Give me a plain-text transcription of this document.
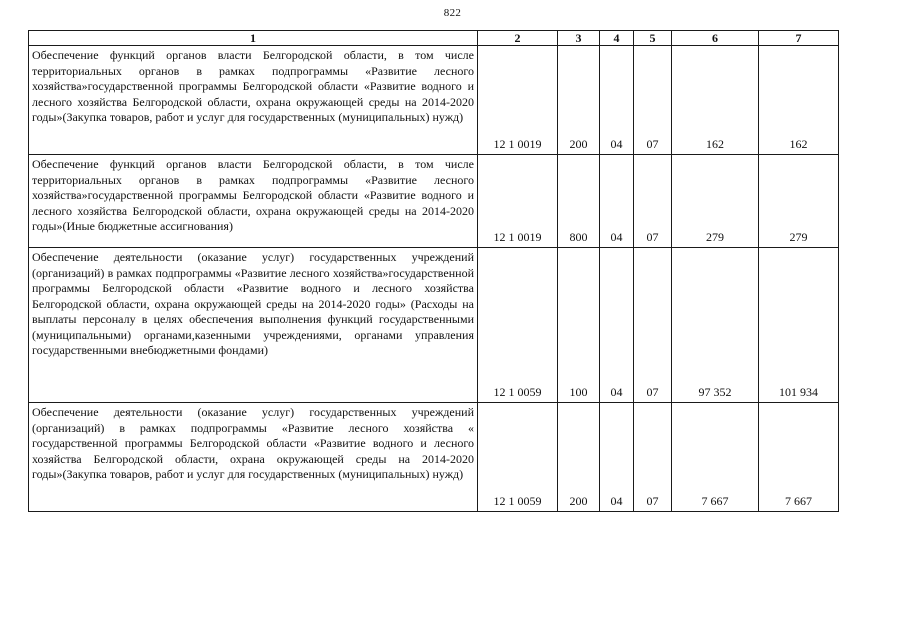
822
1	2	3	4	5	6	7
Обеспечение функций органов власти Белгородской области, в том числе территориальных органов в рамках подпрограммы «Развитие лесного хозяйства»государственной программы Белгородской области «Развитие водного и лесного хозяйства Белгородской области, охрана окружающей среды на 2014-2020 годы»(Закупка товаров, работ и услуг для государственных (муниципальных) нужд)	12 1 0019	200	04	07	162	162
Обеспечение функций органов власти Белгородской области, в том числе территориальных органов в рамках подпрограммы «Развитие лесного хозяйства»государственной программы Белгородской области «Развитие водного и лесного хозяйства Белгородской области, охрана окружающей среды на 2014-2020 годы»(Иные бюджетные ассигнования)	12 1 0019	800	04	07	279	279
Обеспечение деятельности (оказание услуг) государственных учреждений (организаций) в рамках подпрограммы «Развитие лесного хозяйства»государственной программы Белгородской области «Развитие водного и лесного хозяйства Белгородской области, охрана окружающей среды на 2014-2020 годы» (Расходы на выплаты персоналу в целях обеспечения выполнения функций государственными (муниципальными) органами,казенными учреждениями, органами управления государственными внебюджетными фондами)	12 1 0059	100	04	07	97 352	101 934
Обеспечение деятельности (оказание услуг) государственных учреждений (организаций) в рамках подпрограммы «Развитие лесного хозяйства « государственной программы Белгородской области «Развитие водного и лесного хозяйства Белгородской области, охрана окружающей среды на 2014-2020 годы»(Закупка товаров, работ и услуг для государственных (муниципальных) нужд)	12 1 0059	200	04	07	7 667	7 667
